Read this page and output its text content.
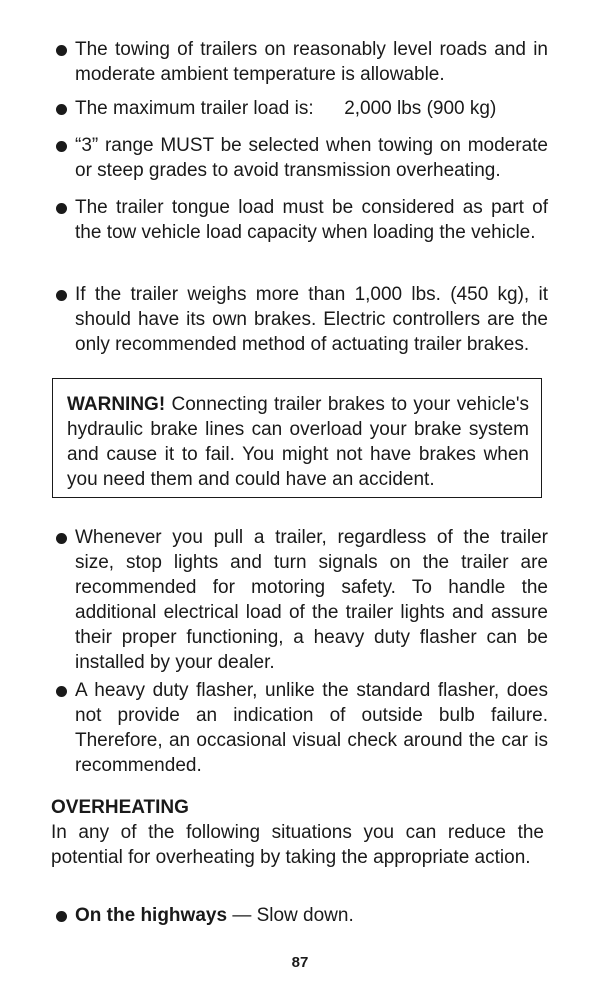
The towing of trailers on reasonably level roads and in moderate ambient temperature is allowable.

The maximum trailer load is: 2,000 lbs (900 kg)

“3” range MUST be selected when towing on moderate or steep grades to avoid transmission overheating.

The trailer tongue load must be considered as part of the tow vehicle load capacity when loading the vehicle.

If the trailer weighs more than 1,000 lbs. (450 kg), it should have its own brakes. Electric controllers are the only recommended method of actuating trailer brakes.

WARNING! Connecting trailer brakes to your vehicle's hydraulic brake lines can overload your brake system and cause it to fail. You might not have brakes when you need them and could have an accident.

Whenever you pull a trailer, regardless of the trailer size, stop lights and turn signals on the trailer are recommended for motoring safety. To handle the additional electrical load of the trailer lights and assure their proper functioning, a heavy duty flasher can be installed by your dealer.

A heavy duty flasher, unlike the standard flasher, does not provide an indication of outside bulb failure. Therefore, an occasional visual check around the car is recommended.

OVERHEATING

In any of the following situations you can reduce the potential for overheating by taking the appropriate action.

On the highways — Slow down.

87
